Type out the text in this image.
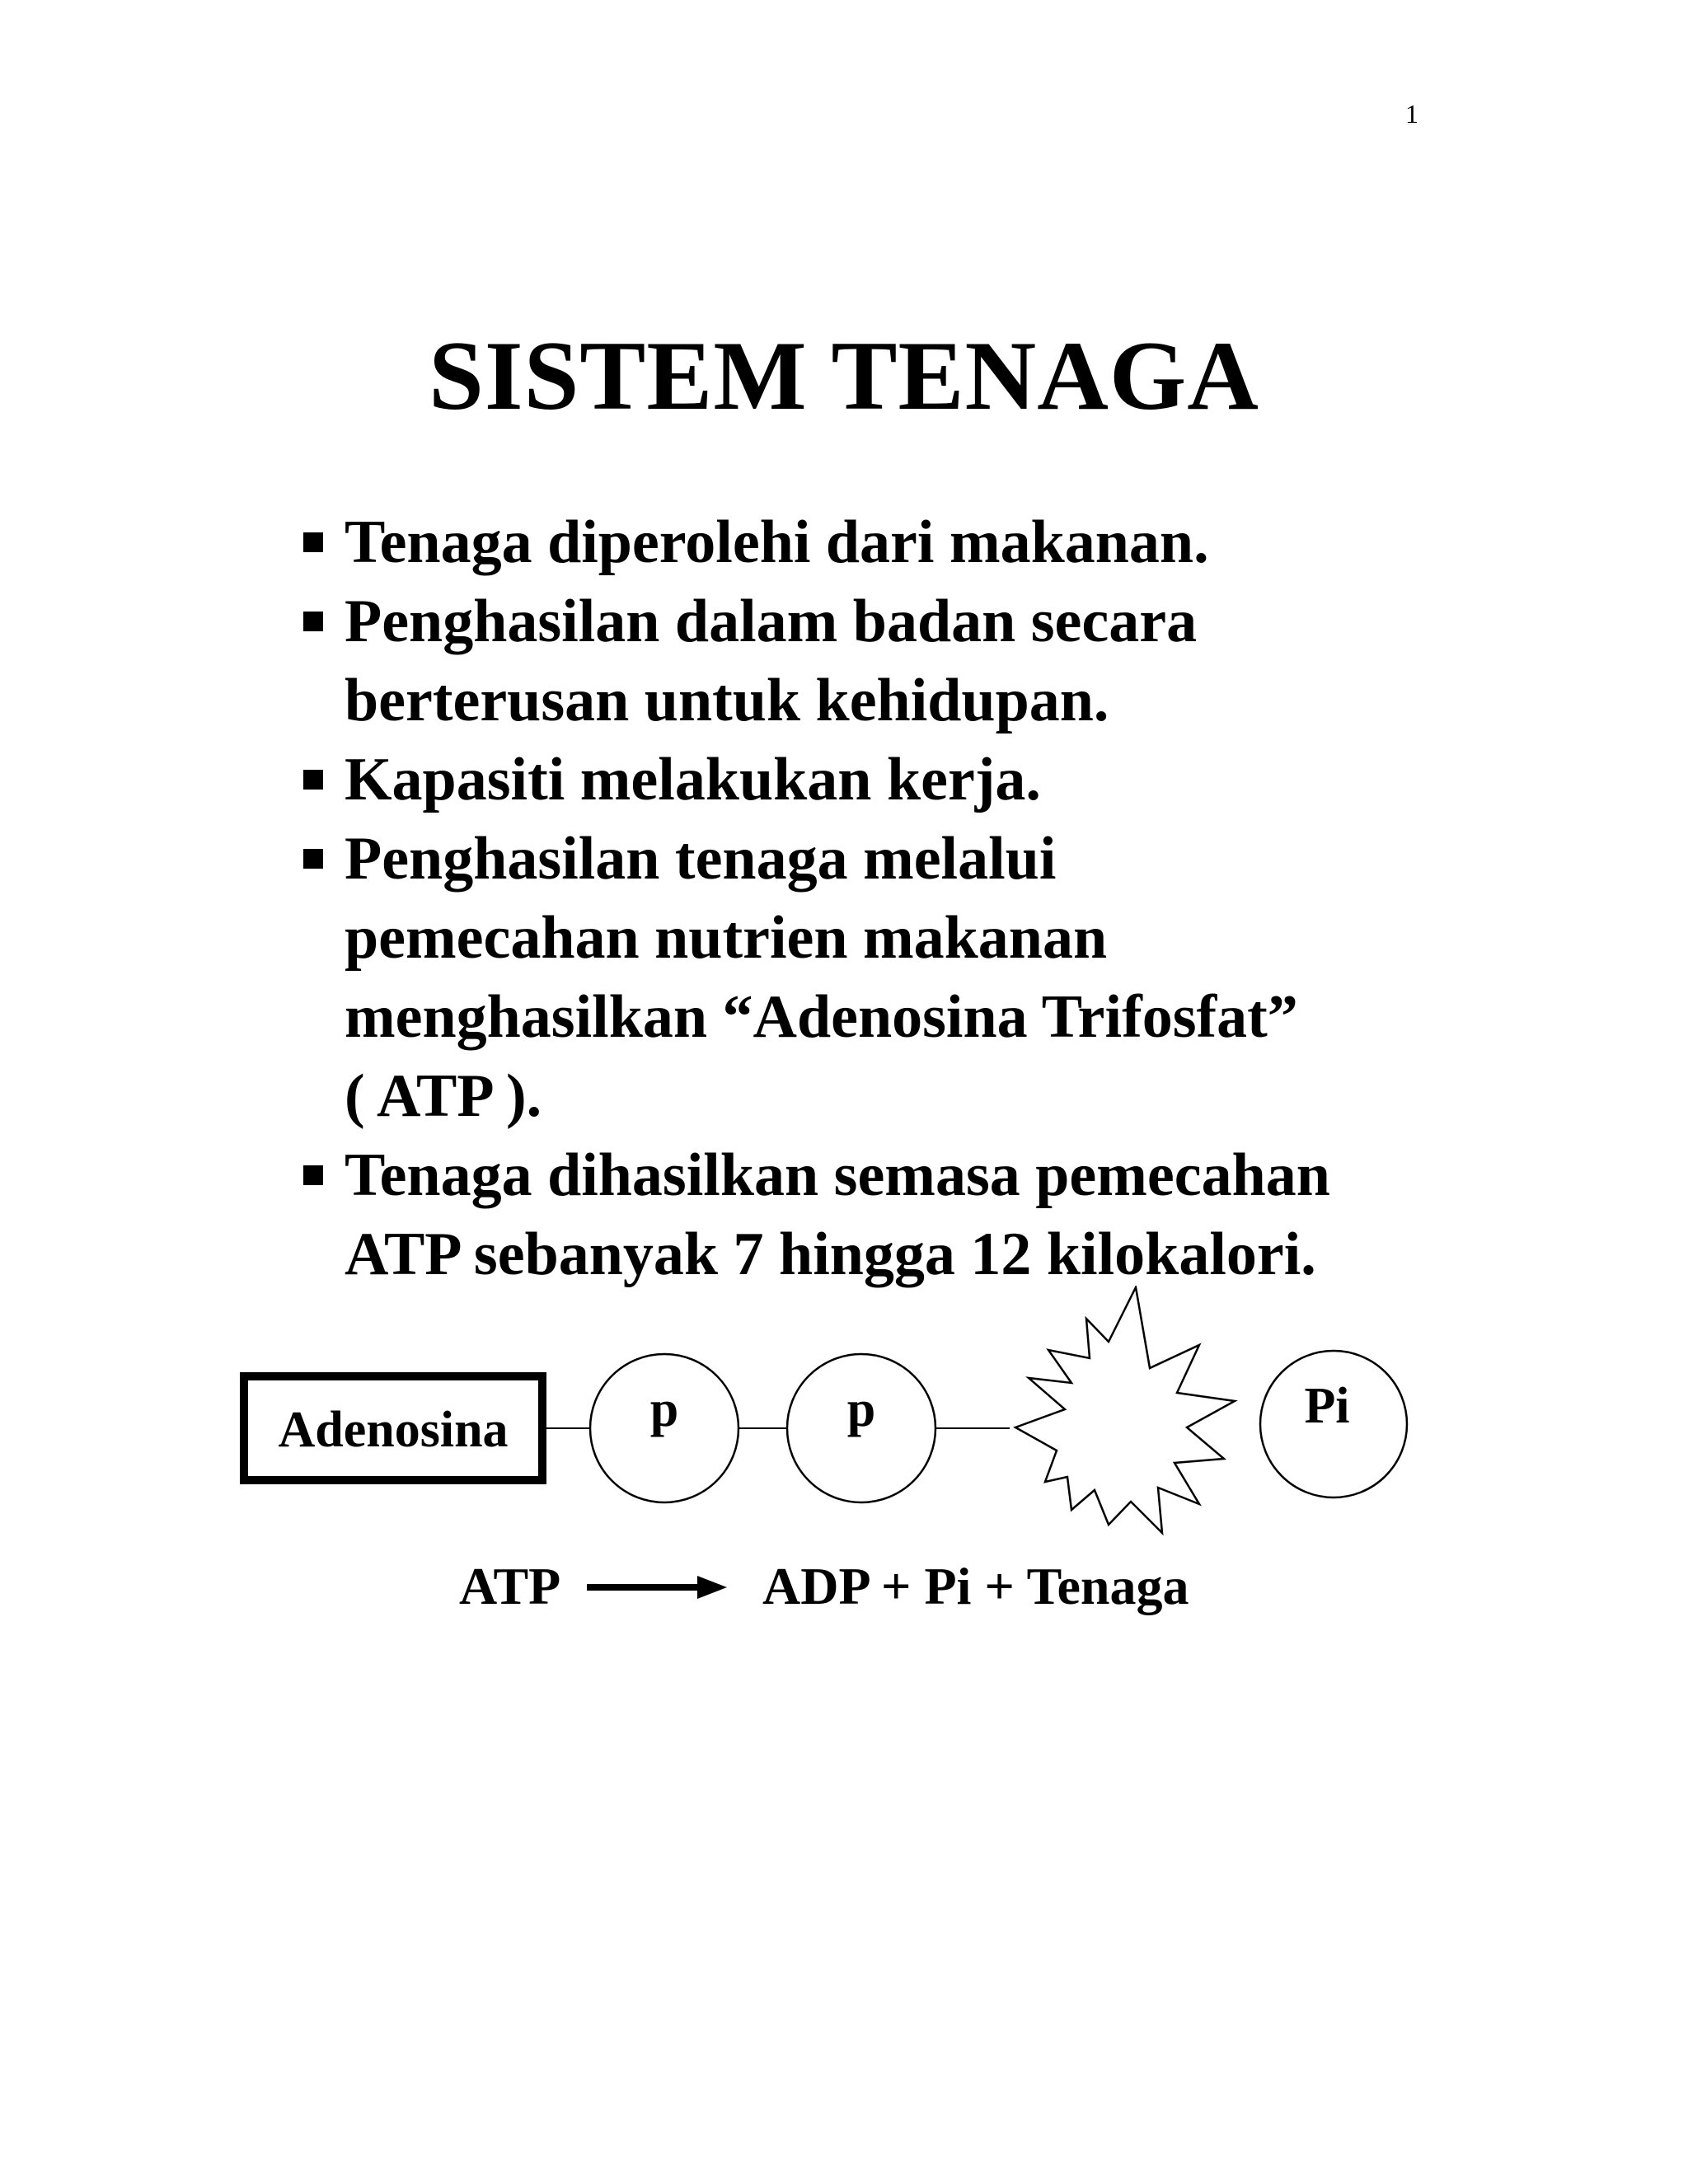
1
SISTEM TENAGA
Tenaga diperolehi dari makanan.
Penghasilan dalam badan secara
berterusan untuk kehidupan.
Kapasiti melakukan kerja.
Penghasilan tenaga melalui
pemecahan nutrien makanan
menghasilkan “Adenosina Trifosfat”
( ATP ).
Tenaga dihasilkan semasa pemecahan
ATP sebanyak 7 hingga 12 kilokalori.
Adenosina	p	p	Pi
ATP	ADP + Pi + Tenaga
